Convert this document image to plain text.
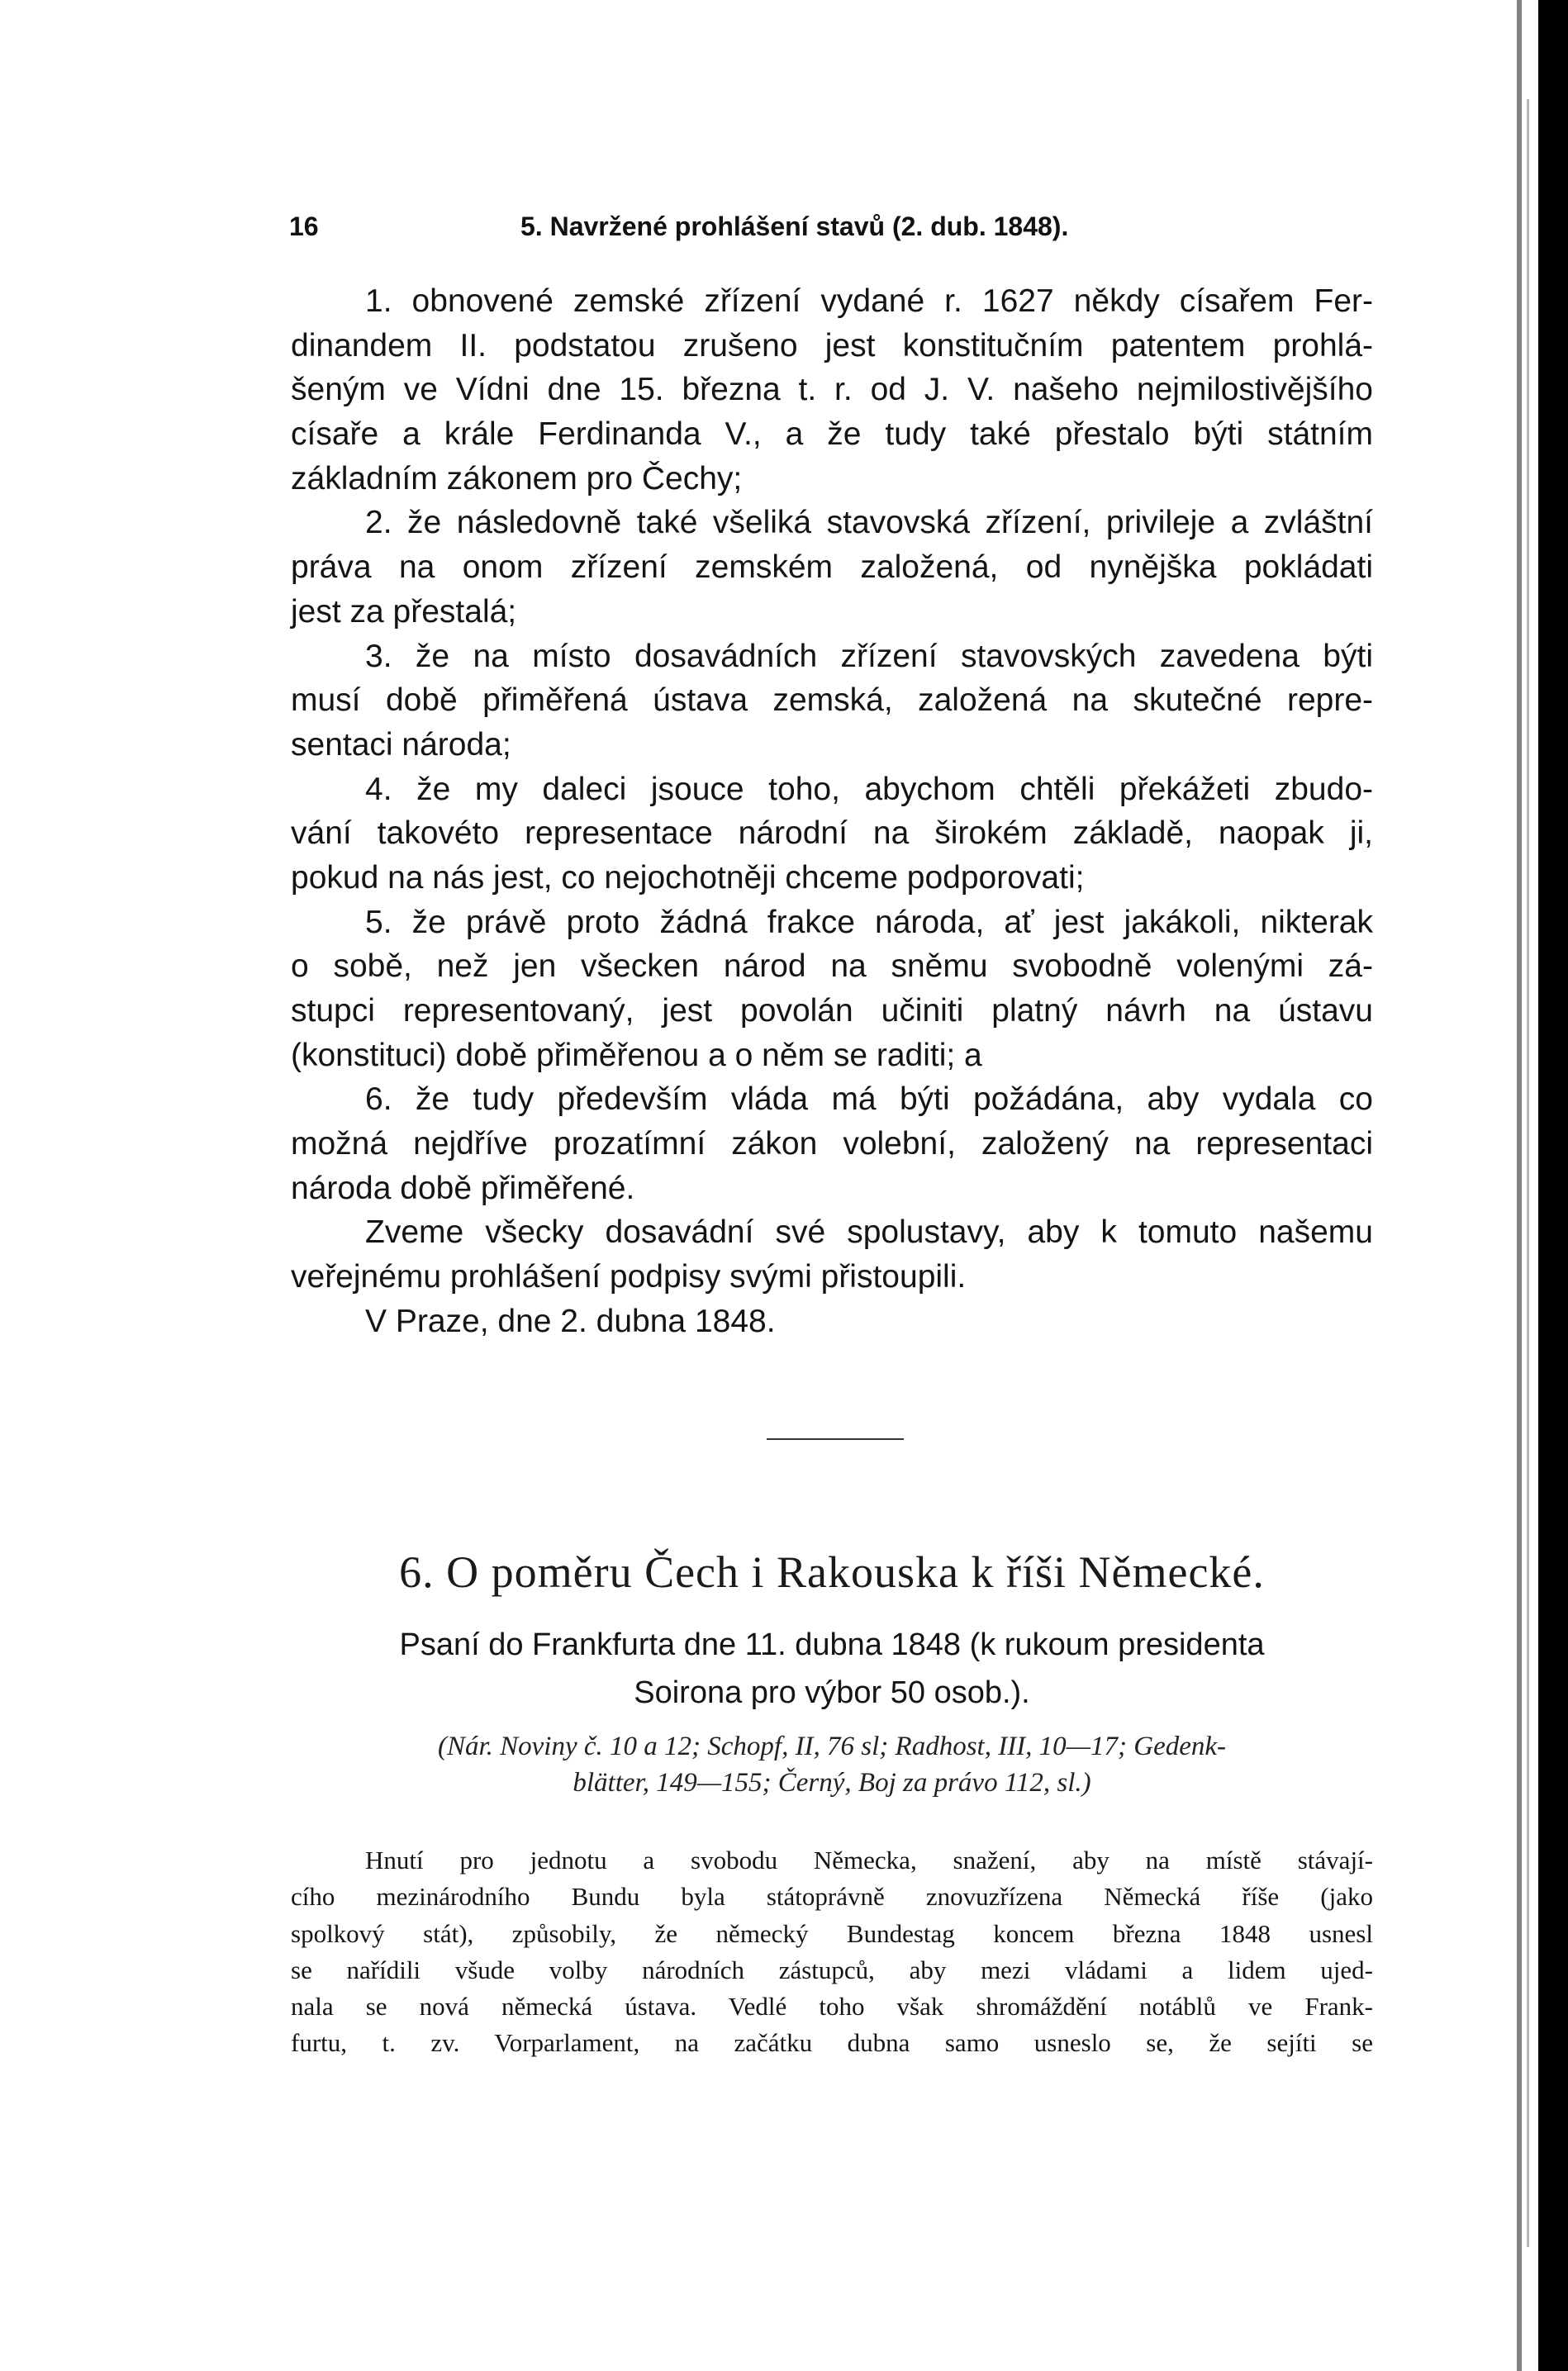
16	5. Navržené prohlášení stavů (2. dub. 1848).
1. obnovené zemské zřízení vydané r. 1627 někdy císařem Fer-
dinandem II. podstatou zrušeno jest konstitučním patentem prohlá-
šeným ve Vídni dne 15. března t. r. od J. V. našeho nejmilostivějšího
císaře a krále Ferdinanda V., a že tudy také přestalo býti státním
základním zákonem pro Čechy;
2. že následovně také všeliká stavovská zřízení, privileje a zvláštní
práva na onom zřízení zemském založená, od nynějška pokládati
jest za přestalá;
3. že na místo dosavádních zřízení stavovských zavedena býti
musí době přiměřená ústava zemská, založená na skutečné repre-
sentaci národa;
4. že my daleci jsouce toho, abychom chtěli překážeti zbudo-
vání takovéto representace národní na širokém základě, naopak ji,
pokud na nás jest, co nejochotněji chceme podporovati;
5. že právě proto žádná frakce národa, ať jest jakákoli, nikterak
o sobě, než jen všecken národ na sněmu svobodně volenými zá-
stupci representovaný, jest povolán učiniti platný návrh na ústavu
(konstituci) době přiměřenou a o něm se raditi; a
6. že tudy především vláda má býti požádána, aby vydala co
možná nejdříve prozatímní zákon volební, založený na representaci
národa době přiměřené.
Zveme všecky dosavádní své spolustavy, aby k tomuto našemu
veřejnému prohlášení podpisy svými přistoupili.
V Praze, dne 2. dubna 1848.
6. O poměru Čech i Rakouska k říši Německé.
Psaní do Frankfurta dne 11. dubna 1848 (k rukoum presidenta
Soirona pro výbor 50 osob.).
(Nár. Noviny č. 10 a 12; Schopf, II, 76 sl; Radhost, III, 10—17; Gedenk-
blätter, 149—155; Černý, Boj za právo 112, sl.)
Hnutí pro jednotu a svobodu Německa, snažení, aby na místě stávají-
cího mezinárodního Bundu byla státoprávně znovuzřízena Německá říše (jako
spolkový stát), způsobily, že německý Bundestag koncem března 1848 usnesl
se nařídili všude volby národních zástupců, aby mezi vládami a lidem ujed-
nala se nová německá ústava. Vedlé toho však shromáždění notáblů ve Frank-
furtu, t. zv. Vorparlament, na začátku dubna samo usneslo se, že sejíti se
